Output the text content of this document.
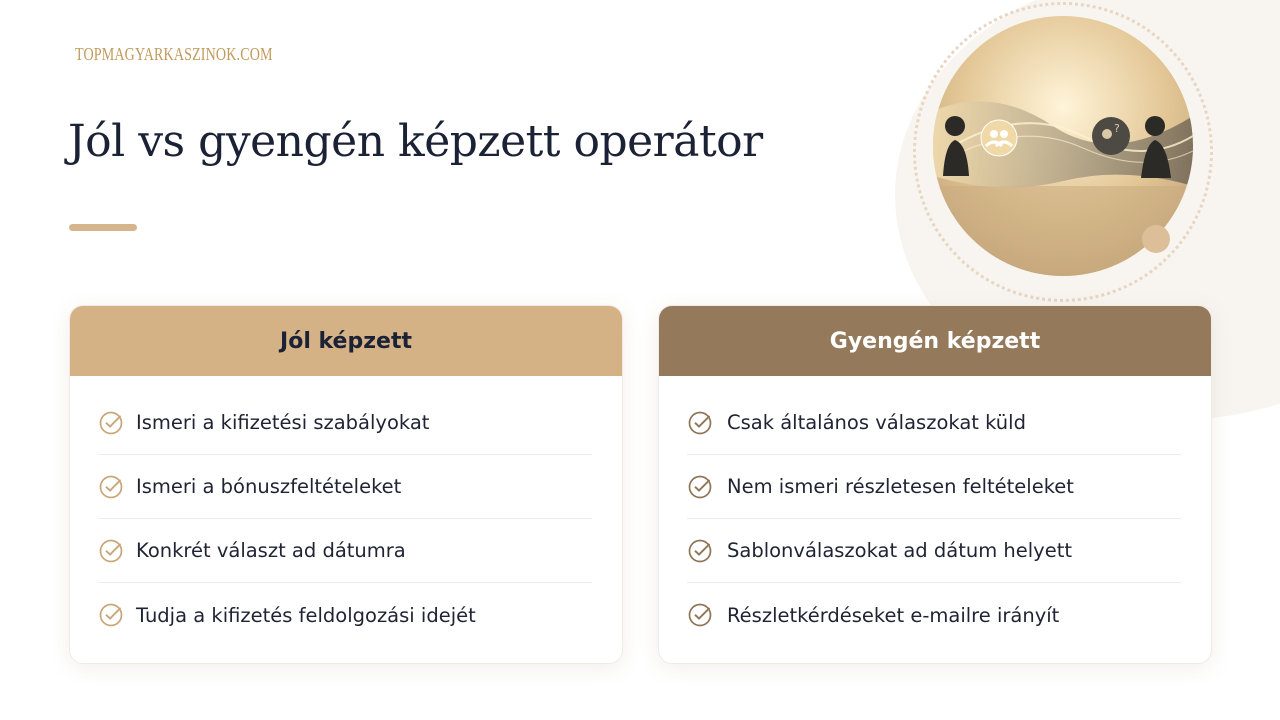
TOPMAGYARKASZINOK.COM
Jól vs gyengén képzett operátor	?
Jól képzett
Ismeri a kifizetési szabályokat
Ismeri a bónuszfeltételeket
Konkrét választ ad dátumra
Tudja a kifizetés feldolgozási idejét
Gyengén képzett
Csak általános válaszokat küld
Nem ismeri részletesen feltételeket
Sablonválaszokat ad dátum helyett
Részletkérdéseket e-mailre irányít
